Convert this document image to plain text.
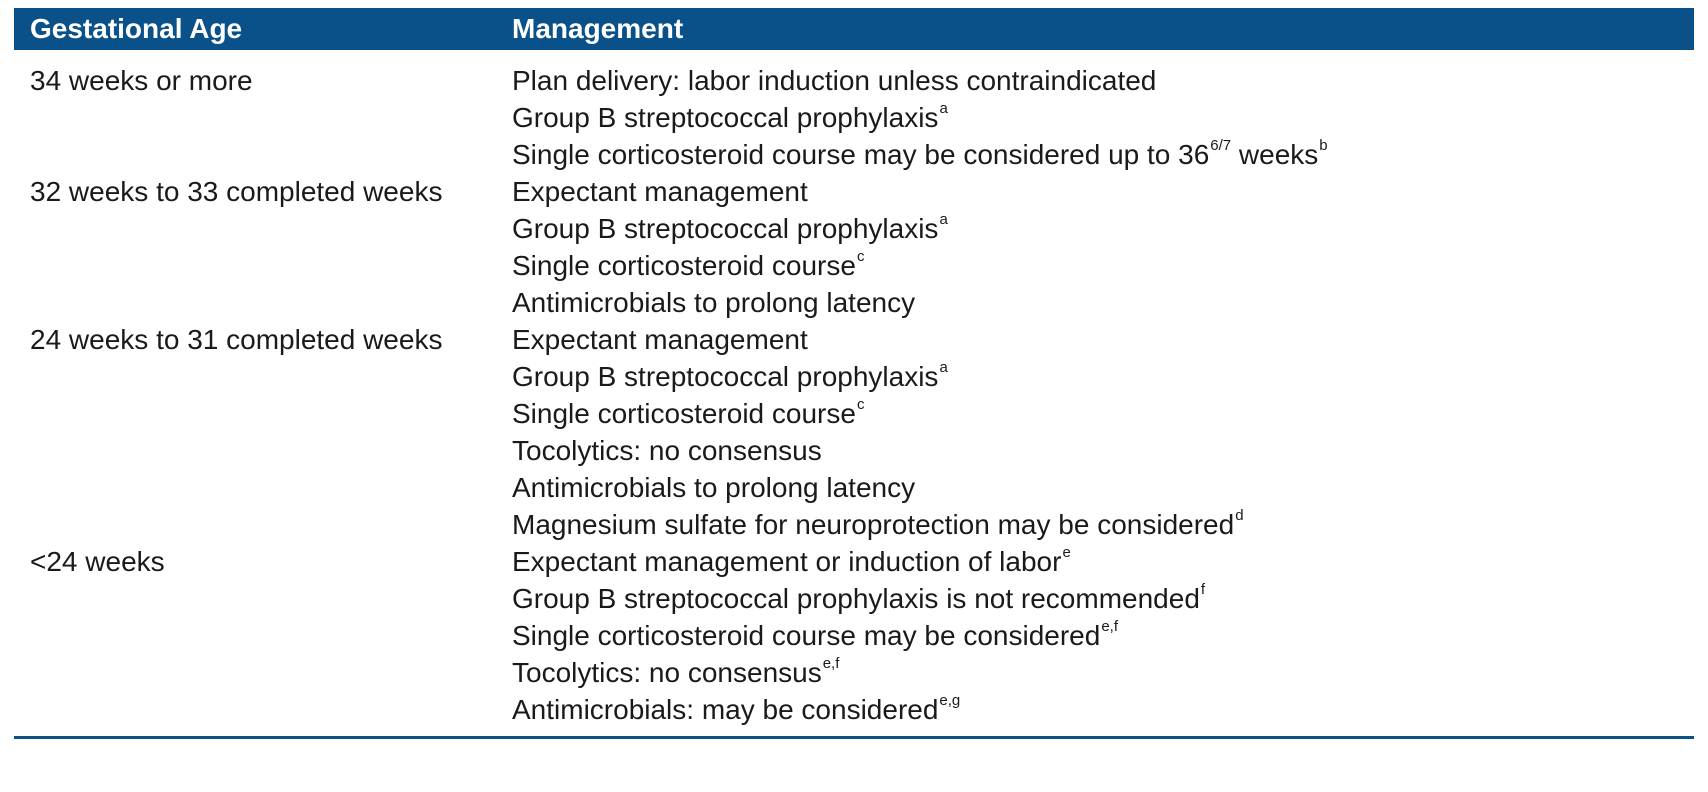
Gestational Age	Management
34 weeks or more	Plan delivery: labor induction unless contraindicated
Group B streptococcal prophylaxis$^a$
Single corticosteroid course may be considered up to $36^{6/7}$ weeks$^b$
32 weeks to 33 completed weeks	Expectant management
Group B streptococcal prophylaxis$^a$
Single corticosteroid course$^c$
Antimicrobials to prolong latency
24 weeks to 31 completed weeks	Expectant management
Group B streptococcal prophylaxis$^a$
Single corticosteroid course$^c$
Tocolytics: no consensus
Antimicrobials to prolong latency
Magnesium sulfate for neuroprotection may be considered$^d$
<24 weeks	Expectant management or induction of labor$^e$
Group B streptococcal prophylaxis is not recommended$^f$
Single corticosteroid course may be considered$^{e,f}$
Tocolytics: no consensus$^{e,f}$
Antimicrobials: may be considered$^{e,g}$
